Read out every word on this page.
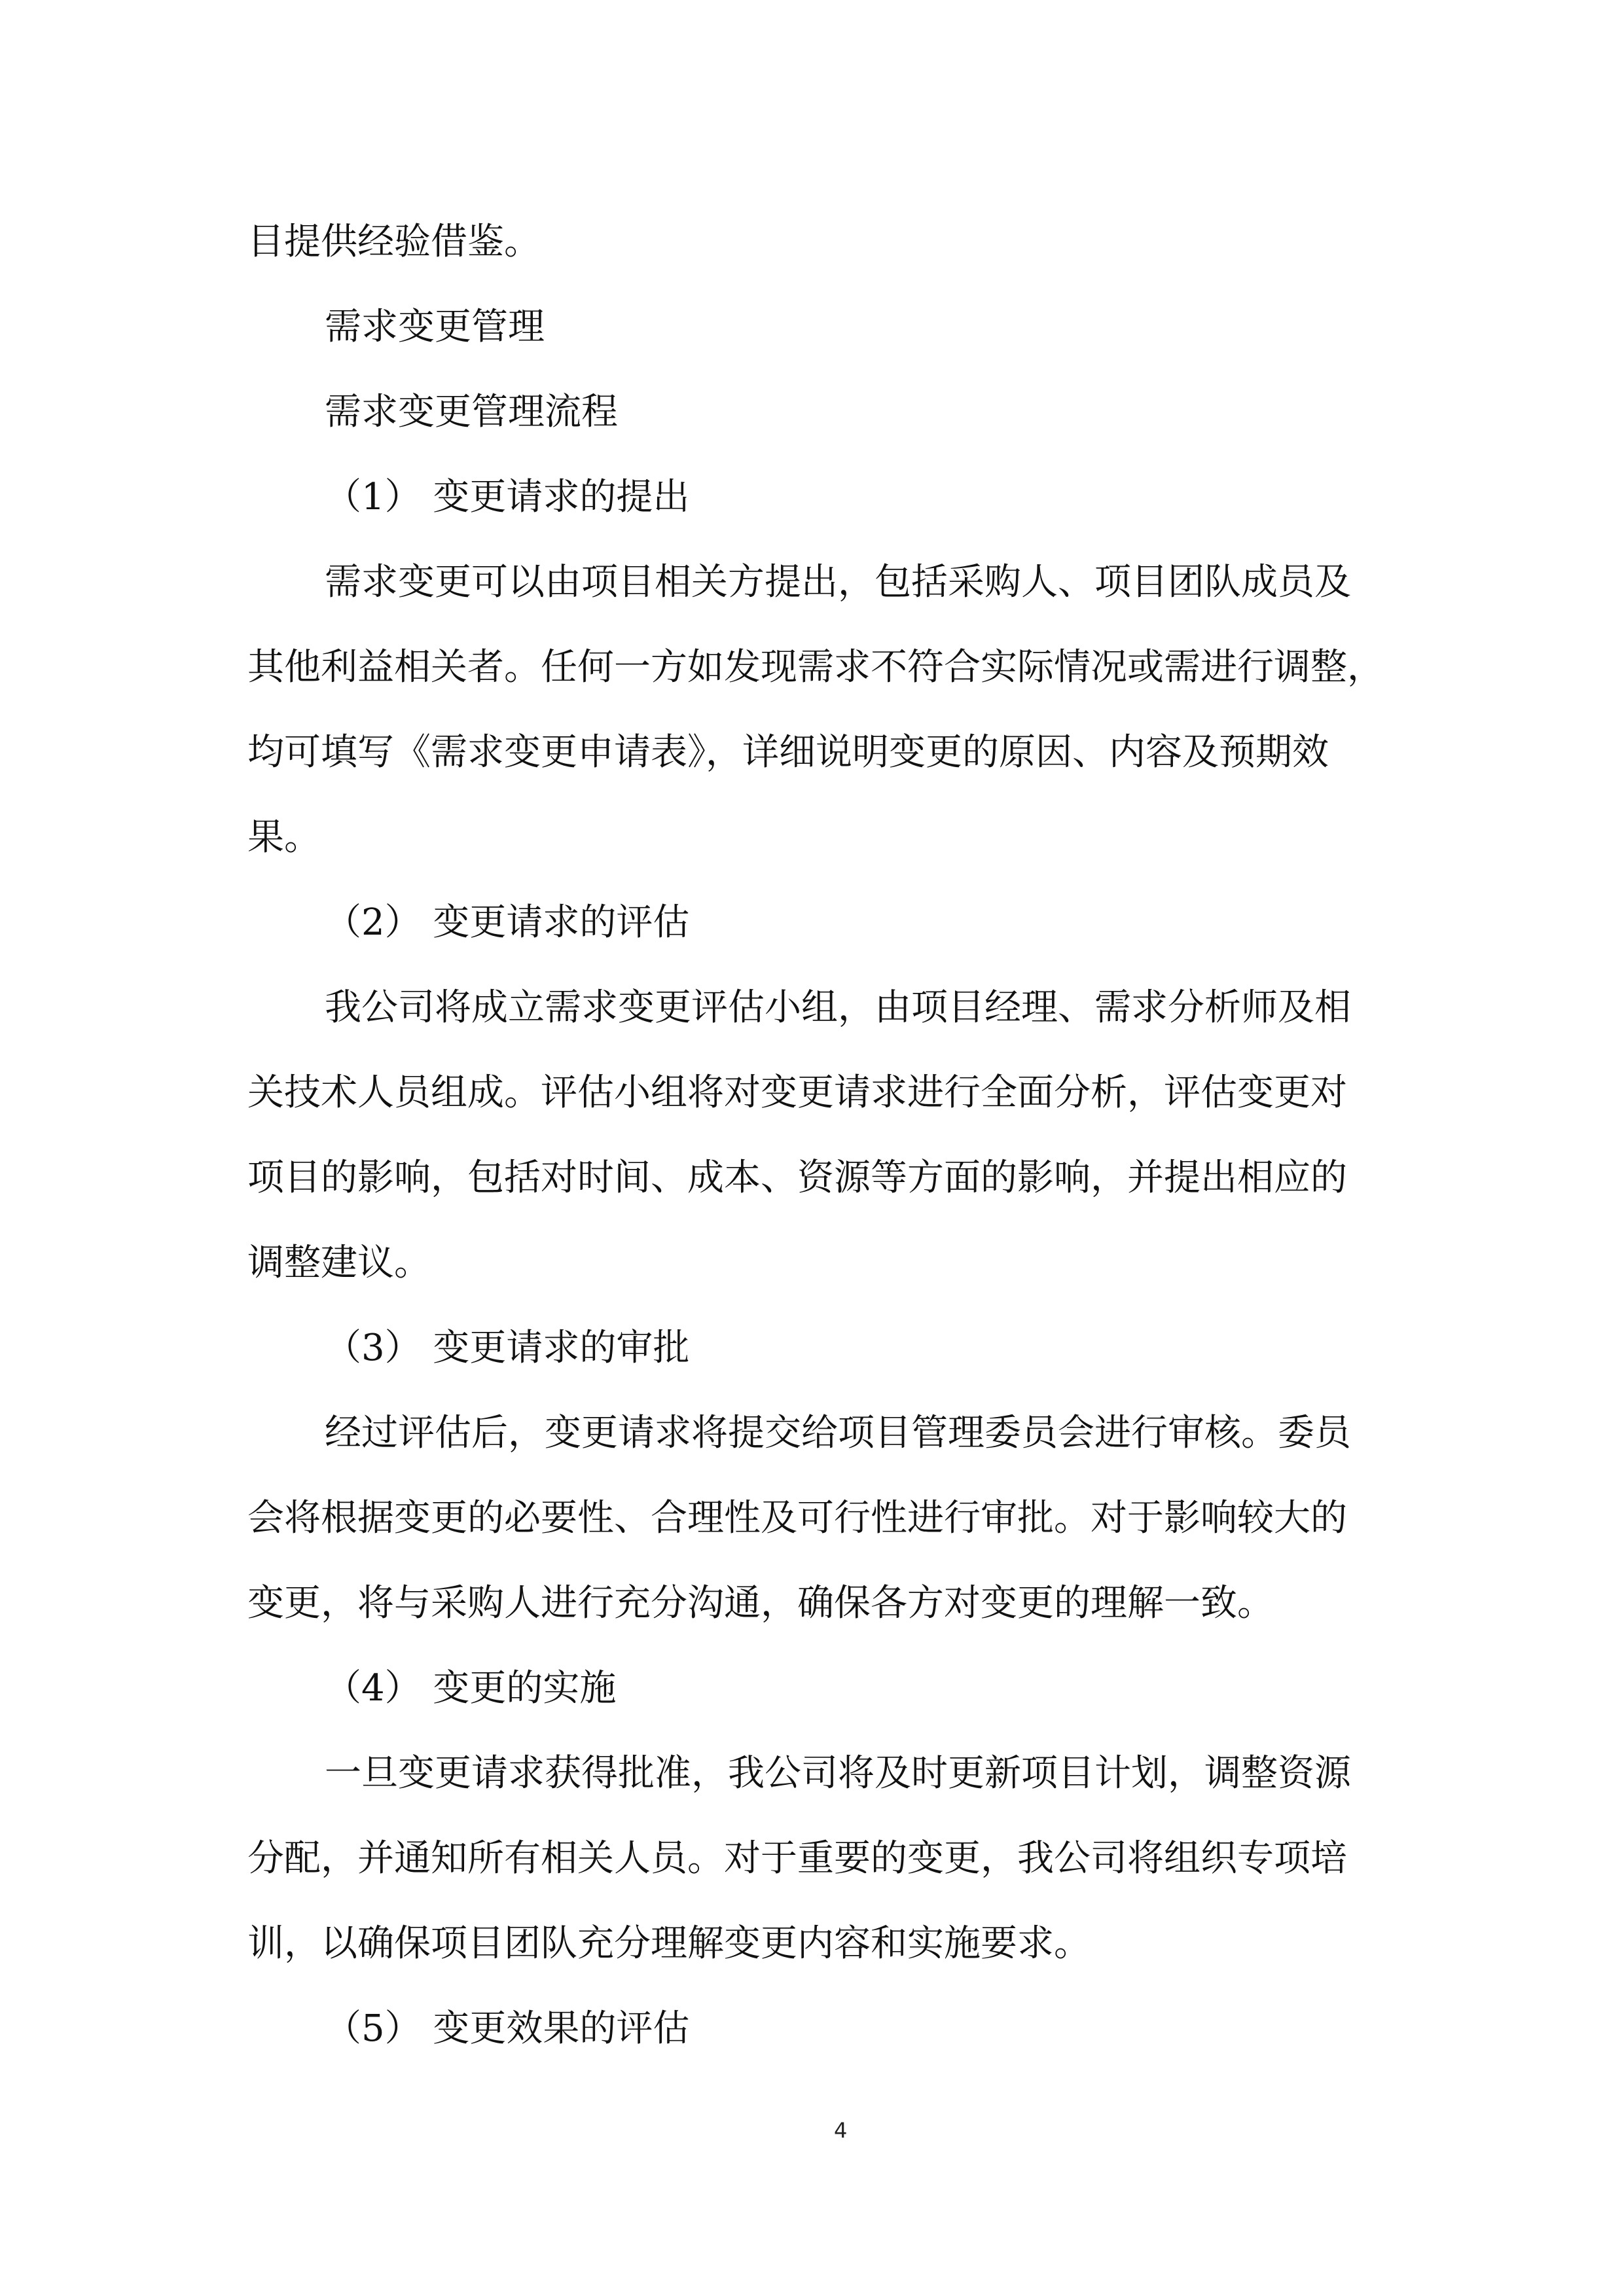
目提供经验借鉴。
需求变更管理
需求变更管理流程
（1） 变更请求的提出
需求变更可以由项目相关方提出，包括采购人、项目团队成员及
其他利益相关者。任何一方如发现需求不符合实际情况或需进行调整，
均可填写《需求变更申请表》，详细说明变更的原因、内容及预期效
果。
（2） 变更请求的评估
我公司将成立需求变更评估小组，由项目经理、需求分析师及相
关技术人员组成。评估小组将对变更请求进行全面分析，评估变更对
项目的影响，包括对时间、成本、资源等方面的影响，并提出相应的
调整建议。
（3） 变更请求的审批
经过评估后，变更请求将提交给项目管理委员会进行审核。委员
会将根据变更的必要性、合理性及可行性进行审批。对于影响较大的
变更，将与采购人进行充分沟通，确保各方对变更的理解一致。
（4） 变更的实施
一旦变更请求获得批准，我公司将及时更新项目计划，调整资源
分配，并通知所有相关人员。对于重要的变更，我公司将组织专项培
训，以确保项目团队充分理解变更内容和实施要求。
（5） 变更效果的评估
4
